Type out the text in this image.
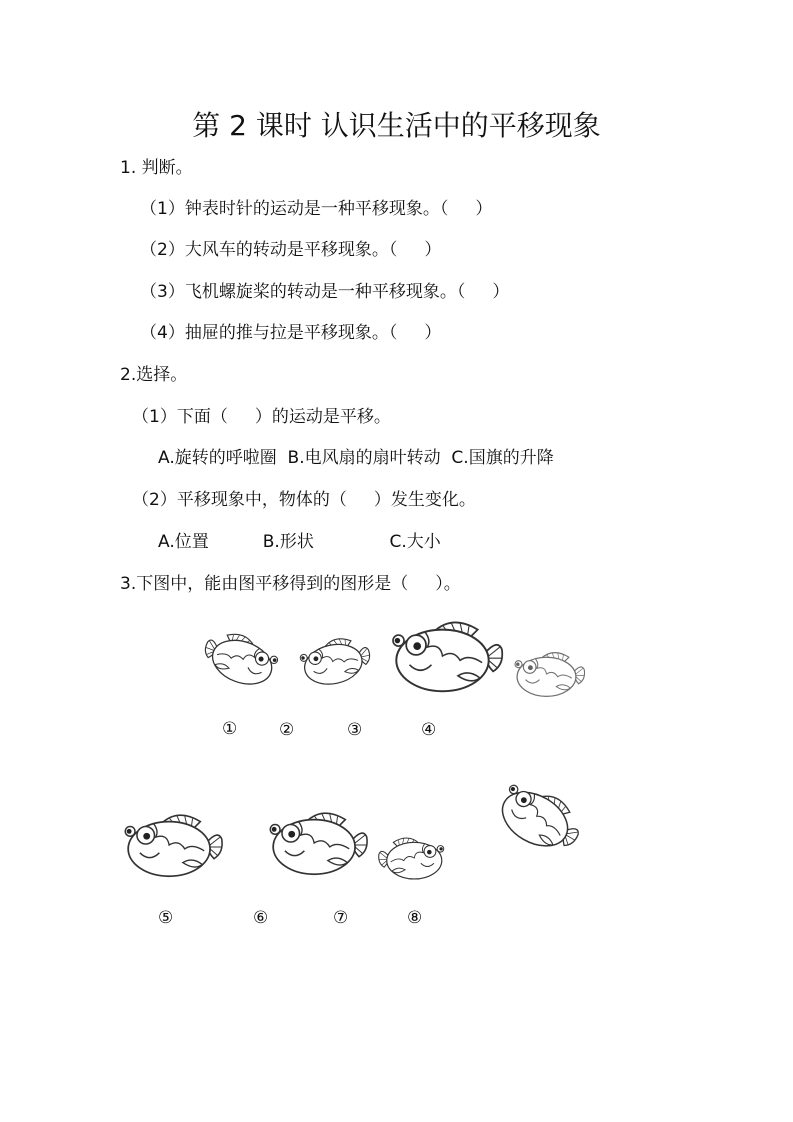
第 2 课时 认识生活中的平移现象
1. 判断。
（1）钟表时针的运动是一种平移现象。（     ）
（2）大风车的转动是平移现象。（     ）
（3）飞机螺旋桨的转动是一种平移现象。（     ）
（4）抽屉的推与拉是平移现象。（     ）
2.选择。
（1）下面（     ）的运动是平移。
A.旋转的呼啦圈  B.电风扇的扇叶转动  C.国旗的升降
（2）平移现象中，物体的（     ）发生变化。
A.位置          B.形状              C.大小
3.下图中，能由图平移得到的图形是（     ）。
① ②	③	④
⑤	⑥	⑦	⑧
